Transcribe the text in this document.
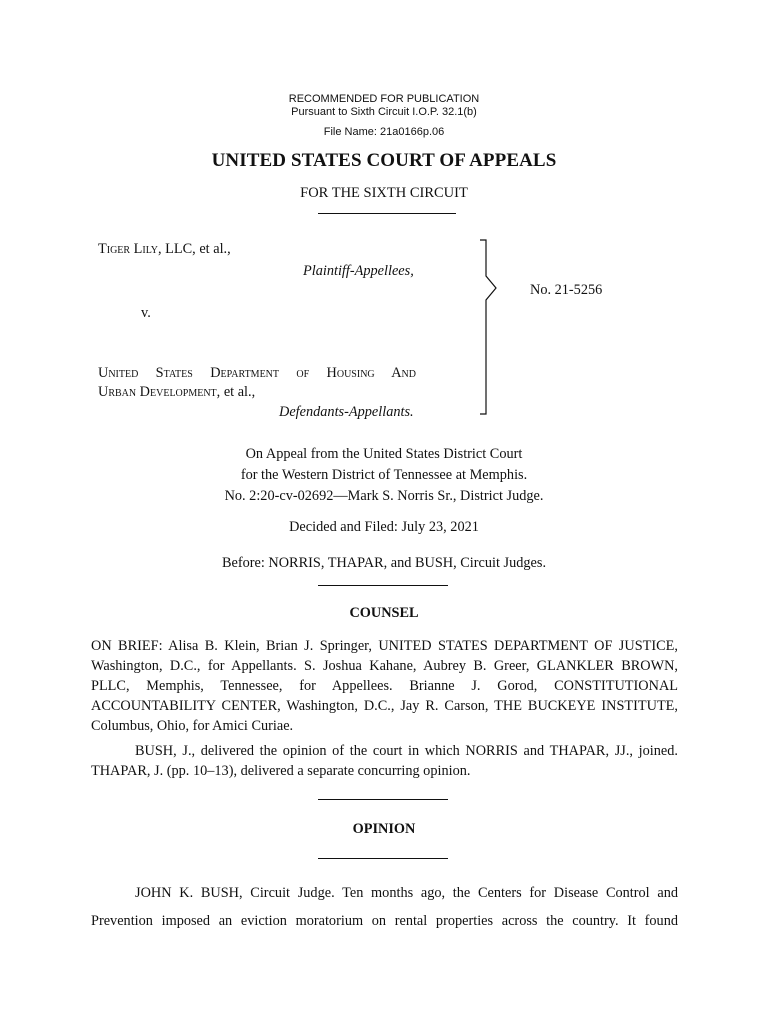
RECOMMENDED FOR PUBLICATION
Pursuant to Sixth Circuit I.O.P. 32.1(b)
File Name: 21a0166p.06
UNITED STATES COURT OF APPEALS
FOR THE SIXTH CIRCUIT
Tiger Lily, LLC, et al.,
Plaintiff-Appellees,
v.
United States Department of Housing And
Urban Development, et al.,
Defendants-Appellants.
No. 21-5256
On Appeal from the United States District Court
for the Western District of Tennessee at Memphis.
No. 2:20-cv-02692—Mark S. Norris Sr., District Judge.
Decided and Filed: July 23, 2021
Before: NORRIS, THAPAR, and BUSH, Circuit Judges.
COUNSEL
ON BRIEF: Alisa B. Klein, Brian J. Springer, UNITED STATES DEPARTMENT OF JUSTICE, Washington, D.C., for Appellants. S. Joshua Kahane, Aubrey B. Greer, GLANKLER BROWN, PLLC, Memphis, Tennessee, for Appellees. Brianne J. Gorod, CONSTITUTIONAL ACCOUNTABILITY CENTER, Washington, D.C., Jay R. Carson, THE BUCKEYE INSTITUTE, Columbus, Ohio, for Amici Curiae.
BUSH, J., delivered the opinion of the court in which NORRIS and THAPAR, JJ., joined. THAPAR, J. (pp. 10–13), delivered a separate concurring opinion.
OPINION
JOHN K. BUSH, Circuit Judge. Ten months ago, the Centers for Disease Control and
Prevention imposed an eviction moratorium on rental properties across the country. It found
